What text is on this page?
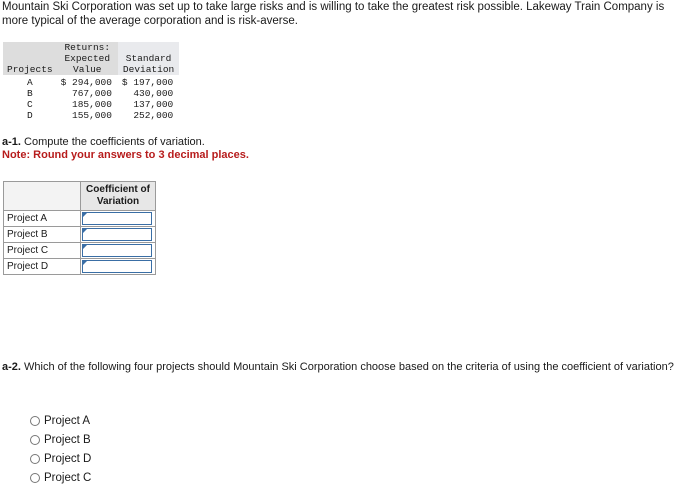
Mountain Ski Corporation was set up to take large risks and is willing to take the greatest risk possible. Lakeway Train Company is more typical of the average corporation and is risk-averse.
Projects	Returns:
Expected
Value	Standard
Deviation
A	$ 294,000	$ 197,000
B	767,000	430,000
C	185,000	137,000
D	155,000	252,000
a-1. Compute the coefficients of variation.
Note: Round your answers to 3 decimal places.
	Coefficient of Variation
Project A	

Project B	

Project C	

Project D	
a-2. Which of the following four projects should Mountain Ski Corporation choose based on the criteria of using the coefficient of variation?
Project A
Project B
Project D
Project C
